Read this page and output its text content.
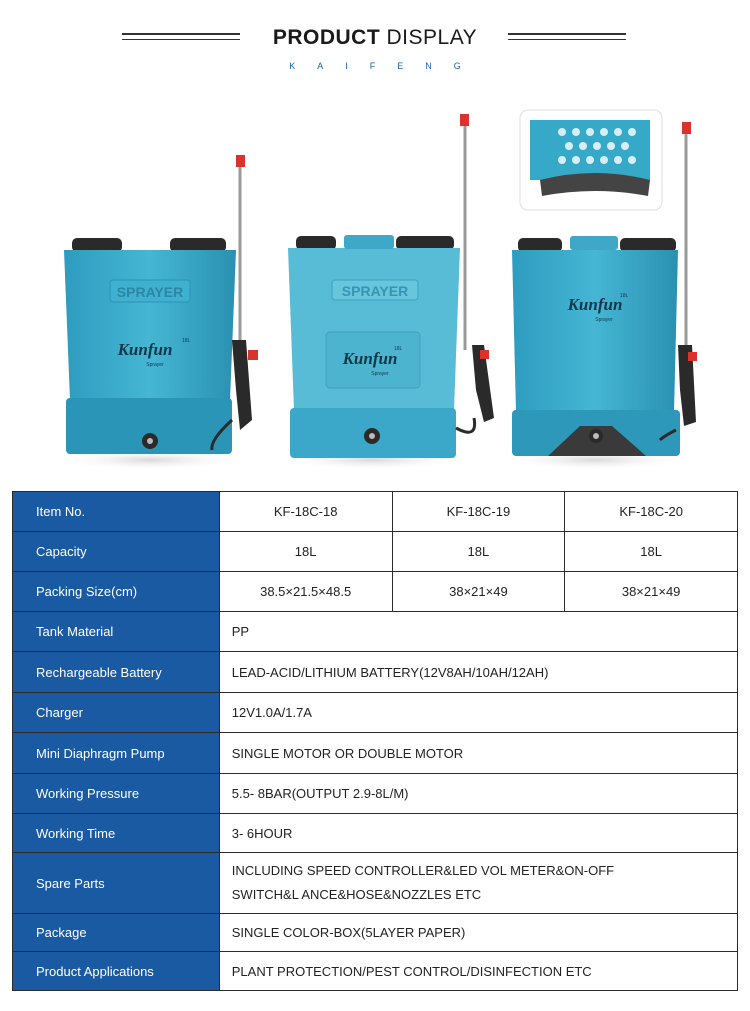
PRODUCT DISPLAY
KAIFENG
SPRAYER
Kunfun
Sprayer
18L
SPRAYER
Kunfun
Sprayer
18L
Kunfun
Sprayer
18L
Item No.	KF-18C-18	KF-18C-19	KF-18C-20
Capacity	18L	18L	18L
Packing Size(cm)	38.5×21.5×48.5	38×21×49	38×21×49
Tank Material	PP		
Rechargeable Battery	LEAD-ACID/LITHIUM BATTERY(12V8AH/10AH/12AH)		
Charger	12V1.0A/1.7A		
Mini Diaphragm Pump	SINGLE MOTOR OR DOUBLE MOTOR		
Working Pressure	5.5- 8BAR(OUTPUT 2.9-8L/M)		
Working Time	3- 6HOUR		
Spare Parts	INCLUDING SPEED CONTROLLER&LED VOL METER&ON-OFF
SWITCH&L ANCE&HOSE&NOZZLES ETC		

Package	SINGLE COLOR-BOX(5LAYER PAPER)		
Product Applications	PLANT PROTECTION/PEST CONTROL/DISINFECTION ETC		
